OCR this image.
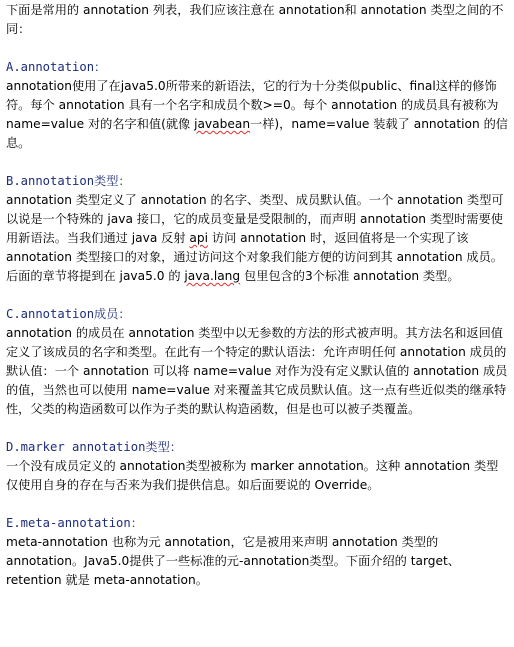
下面是常用的 annotation 列表，我们应该注意在 annotation和 annotation 类型之间的不同：

A.annotation：

annotation使用了在java5.0所带来的新语法，它的行为十分类似public、final这样的修饰符。每个 annotation 具有一个名字和成员个数>=0。每个 annotation 的成员具有被称为 name=value 对的名字和值(就像 javabean一样)，name=value 装载了 annotation 的信息。

B.annotation类型：

annotation 类型定义了 annotation 的名字、类型、成员默认值。一个 annotation 类型可以说是一个特殊的 java 接口，它的成员变量是受限制的，而声明 annotation 类型时需要使用新语法。当我们通过 java 反射 api 访问 annotation 时，返回值将是一个实现了该 annotation 类型接口的对象，通过访问这个对象我们能方便的访问到其 annotation 成员。后面的章节将提到在 java5.0 的 java.lang 包里包含的3个标准 annotation 类型。

C.annotation成员：

annotation 的成员在 annotation 类型中以无参数的方法的形式被声明。其方法名和返回值定义了该成员的名字和类型。在此有一个特定的默认语法：允许声明任何 annotation 成员的默认值：一个 annotation 可以将 name=value 对作为没有定义默认值的 annotation 成员的值，当然也可以使用 name=value 对来覆盖其它成员默认值。这一点有些近似类的继承特性，父类的构造函数可以作为子类的默认构造函数，但是也可以被子类覆盖。

D.marker annotation类型：

一个没有成员定义的 annotation类型被称为 marker annotation。这种 annotation 类型仅使用自身的存在与否来为我们提供信息。如后面要说的 Override。

E.meta-annotation：

meta-annotation 也称为元 annotation，它是被用来声明 annotation 类型的 annotation。Java5.0提供了一些标准的元-annotation类型。下面介绍的 target、retention 就是 meta-annotation。
